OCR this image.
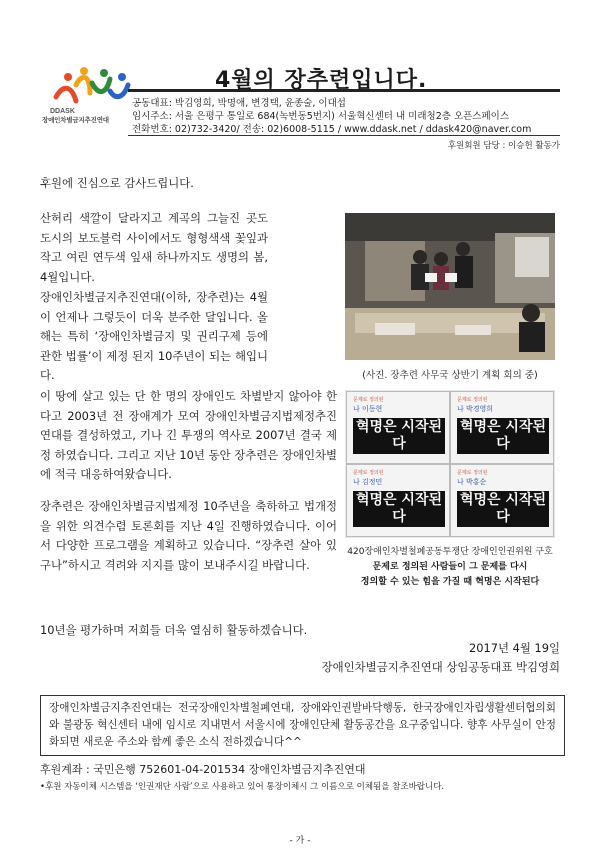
DDASK
장애인차별금지추진연대
4월의 장추련입니다.
공동대표: 박김영희, 박명애, 변경택, 윤종술, 이대섭
임시주소: 서울 은평구 통일로 684(녹번동5번지) 서울혁신센터 내 미래청2층 오픈스페이스
전화번호: 02)732-3420/ 전송: 02)6008-5115 / www.ddask.net / ddask420@naver.com
후원회원 담당 : 이승헌 활동가
후원에 진심으로 감사드립니다.
산허리 색깔이 달라지고 계곡의 그늘진 곳도 도시의 보도블럭 사이에서도 형형색색 꽃잎과 작고 여린 연두색 잎새 하나까지도 생명의 봄, 4월입니다.
장애인차별금지추진연대(이하, 장추련)는 4월이 언제나 그렇듯이 더욱 분주한 달입니다. 올해는 특히 ‘장애인차별금지 및 권리구제 등에 관한 법률’이 제정 된지 10주년이 되는 해입니다.
이 땅에 살고 있는 단 한 명의 장애인도 차별받지 않아야 한다고 2003년 전 장애계가 모여 장애인차별금지법제정추진연대를 결성하였고, 기나 긴 투쟁의 역사로 2007년 결국 제정 하였습니다. 그리고 지난 10년 동안 장추련은 장애인차별에 적극 대응하여왔습니다.
장추련은 장애인차별금지법제정 10주년을 축하하고 법개정을 위한 의견수렴 토론회를 지난 4일 진행하였습니다. 이어서 다양한 프로그램을 계획하고 있습니다. “장추련 살아 있구나”하시고 격려와 지지를 많이 보내주시길 바랍니다.
10년을 평가하며 저희들 더욱 열심히 활동하겠습니다.
(사진. 장추련 사무국 상반기 계획 회의 중)
문제로 정의된
나 이동현
혁명은 시작된다
문제로 정의된
나 박경영희
혁명은 시작된다
문제로 정의된
나 김정민
혁명은 시작된다
문제로 정의된
나 박홍순
혁명은 시작된다
420장애인차별철폐공동투쟁단 장애인인권위원 구호
문제로 정의된 사람들이 그 문제를 다시
정의할 수 있는 힘을 가질 때 혁명은 시작된다
2017년 4월 19일
장애인차별금지추진연대 상임공동대표 박김영희
장애인차별금지추진연대는 전국장애인차별철폐연대, 장애와인권발바닥행동, 한국장애인자립생활센터협의회와 불광동 혁신센터 내에 임시로 지내면서 서울시에 장애인단체 활동공간을 요구중입니다. 향후 사무실이 안정화되면 새로운 주소와 함께 좋은 소식 전하겠습니다^^
후원계좌 : 국민은행 752601-04-201534 장애인차별금지추진연대
•후원 자동이체 시스템을 ‘인권재단 사람’으로 사용하고 있어 통장이체시 그 이름으로 이체됨을 참조바랍니다.
- 가 -
